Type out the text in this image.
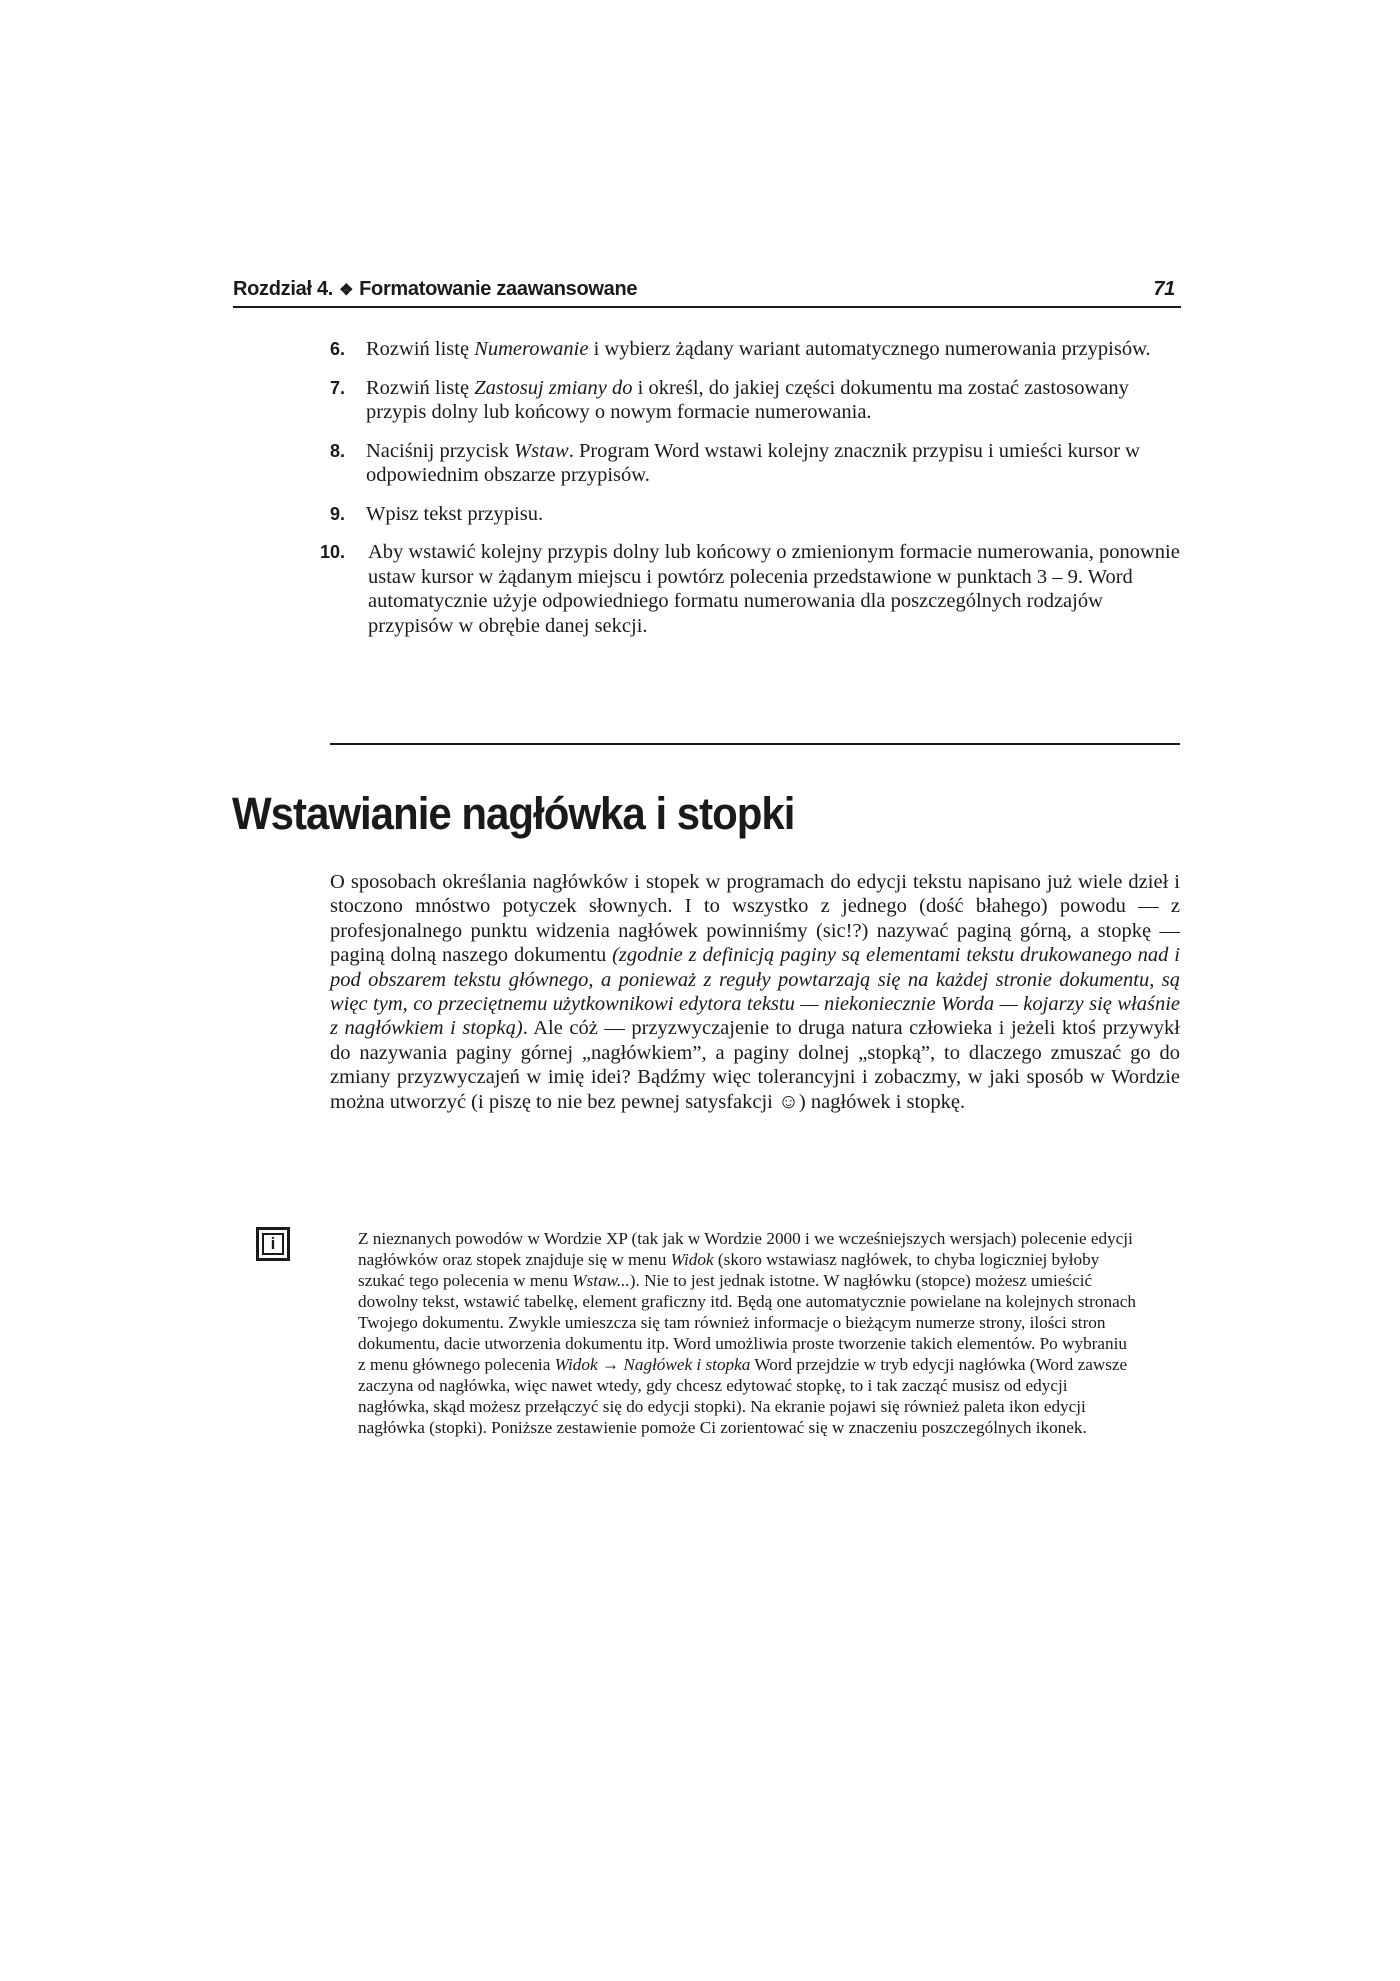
Rozdział 4. ❖ Formatowanie zaawansowane	71
6.	Rozwiń listę Numerowanie i wybierz żądany wariant automatycznego numerowania przypisów.
7.	Rozwiń listę Zastosuj zmiany do i określ, do jakiej części dokumentu ma zostać zastosowany przypis dolny lub końcowy o nowym formacie numerowania.
8.	Naciśnij przycisk Wstaw. Program Word wstawi kolejny znacznik przypisu i umieści kursor w odpowiednim obszarze przypisów.
9.	Wpisz tekst przypisu.
10.	Aby wstawić kolejny przypis dolny lub końcowy o zmienionym formacie numerowania, ponownie ustaw kursor w żądanym miejscu i powtórz polecenia przedstawione w punktach 3 – 9. Word automatycznie użyje odpowiedniego formatu numerowania dla poszczególnych rodzajów przypisów w obrębie danej sekcji.
Wstawianie nagłówka i stopki

O sposobach określania nagłówków i stopek w programach do edycji tekstu napisano już wiele dzieł i stoczono mnóstwo potyczek słownych. I to wszystko z jednego (dość błahego) powodu — z profesjonalnego punktu widzenia nagłówek powinniśmy (sic!?) nazywać paginą górną, a stopkę — paginą dolną naszego dokumentu (zgodnie z definicją paginy są elementami tekstu drukowanego nad i pod obszarem tekstu głównego, a ponieważ z reguły powtarzają się na każdej stronie dokumentu, są więc tym, co przeciętnemu użytkownikowi edytora tekstu — niekoniecznie Worda — kojarzy się właśnie z nagłówkiem i stopką). Ale cóż — przyzwyczajenie to druga natura człowieka i jeżeli ktoś przywykł do nazywania paginy górnej „nagłówkiem”, a paginy dolnej „stopką”, to dlaczego zmuszać go do zmiany przyzwyczajeń w imię idei? Bądźmy więc tolerancyjni i zobaczmy, w jaki sposób w Wordzie można utworzyć (i piszę to nie bez pewnej satysfakcji ☺) nagłówek i stopkę.

i	Z nieznanych powodów w Wordzie XP (tak jak w Wordzie 2000 i we wcześniejszych wersjach) polecenie edycji nagłówków oraz stopek znajduje się w menu Widok (skoro wstawiasz nagłówek, to chyba logiczniej byłoby szukać tego polecenia w menu Wstaw...). Nie to jest jednak istotne. W nagłówku (stopce) możesz umieścić dowolny tekst, wstawić tabelkę, element graficzny itd. Będą one automatycznie powielane na kolejnych stronach Twojego dokumentu. Zwykle umieszcza się tam również informacje o bieżącym numerze strony, ilości stron dokumentu, dacie utworzenia dokumentu itp. Word umożliwia proste tworzenie takich elementów. Po wybraniu z menu głównego polecenia Widok → Nagłówek i stopka Word przejdzie w tryb edycji nagłówka (Word zawsze zaczyna od nagłówka, więc nawet wtedy, gdy chcesz edytować stopkę, to i tak zacząć musisz od edycji nagłówka, skąd możesz przełączyć się do edycji stopki). Na ekranie pojawi się również paleta ikon edycji nagłówka (stopki). Poniższe zestawienie pomoże Ci zorientować się w znaczeniu poszczególnych ikonek.
